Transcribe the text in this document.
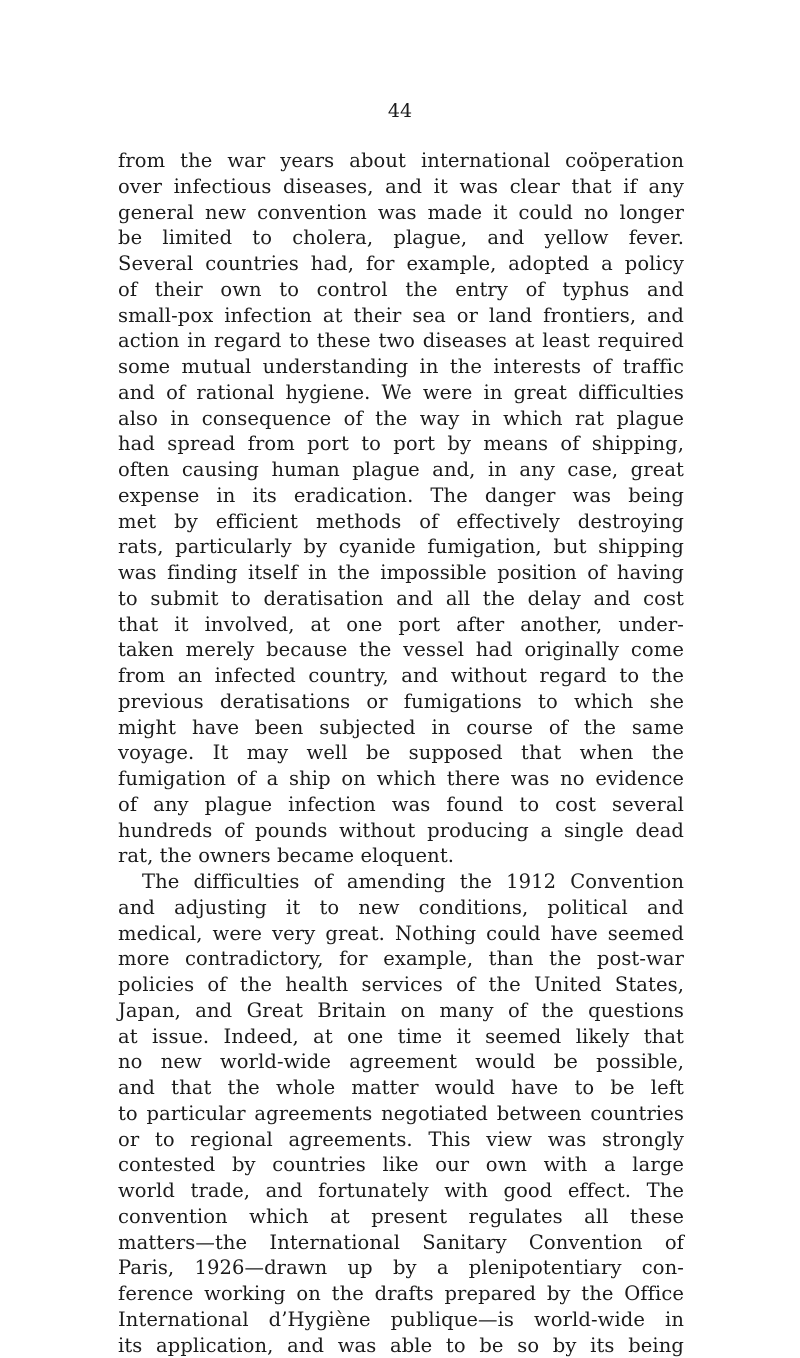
44
from the war years about international coöperation
over infectious diseases, and it was clear that if any
general new convention was made it could no longer
be limited to cholera, plague, and yellow fever.
Several countries had, for example, adopted a policy
of their own to control the entry of typhus and
small-pox infection at their sea or land frontiers, and
action in regard to these two diseases at least required
some mutual understanding in the interests of traffic
and of rational hygiene. We were in great difficulties
also in consequence of the way in which rat plague
had spread from port to port by means of shipping,
often causing human plague and, in any case, great
expense in its eradication. The danger was being
met by efficient methods of effectively destroying
rats, particularly by cyanide fumigation, but shipping
was finding itself in the impossible position of having
to submit to deratisation and all the delay and cost
that it involved, at one port after another, under-
taken merely because the vessel had originally come
from an infected country, and without regard to the
previous deratisations or fumigations to which she
might have been subjected in course of the same
voyage. It may well be supposed that when the
fumigation of a ship on which there was no evidence
of any plague infection was found to cost several
hundreds of pounds without producing a single dead
rat, the owners became eloquent.
The difficulties of amending the 1912 Convention
and adjusting it to new conditions, political and
medical, were very great. Nothing could have seemed
more contradictory, for example, than the post-war
policies of the health services of the United States,
Japan, and Great Britain on many of the questions
at issue. Indeed, at one time it seemed likely that
no new world-wide agreement would be possible,
and that the whole matter would have to be left
to particular agreements negotiated between countries
or to regional agreements. This view was strongly
contested by countries like our own with a large
world trade, and fortunately with good effect. The
convention which at present regulates all these
matters—the International Sanitary Convention of
Paris, 1926—drawn up by a plenipotentiary con-
ference working on the drafts prepared by the Office
International d’Hygiène publique—is world-wide in
its application, and was able to be so by its being
